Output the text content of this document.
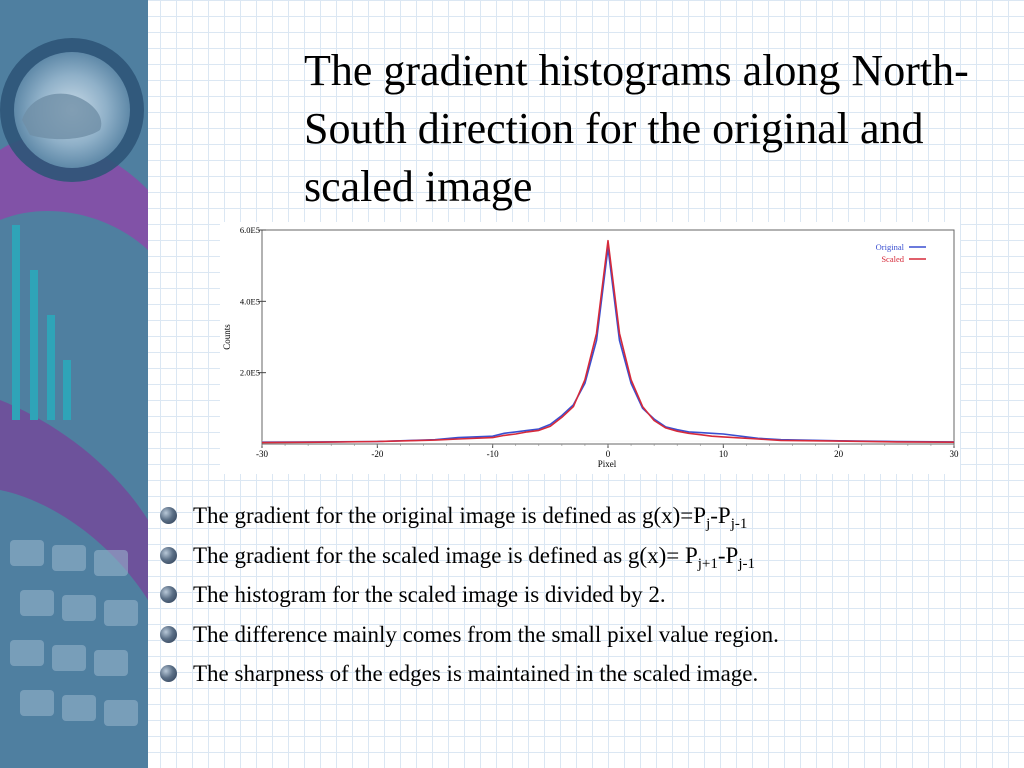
The gradient histograms along North-South direction for the original and scaled image
Counts
Pixel
-30	-20	-10	0	10	20	30
2.0E5
4.0E5
6.0E5
Original
Scaled
The gradient for the original image is defined as $g(x)=P_j-P_{j-1}$
The gradient for the scaled image is defined as $g(x)= P_{j+1}-P_{j-1}$
The histogram for the scaled image is divided by 2.
The difference mainly comes from the small pixel value region.
The sharpness of the edges is maintained in the scaled image.
